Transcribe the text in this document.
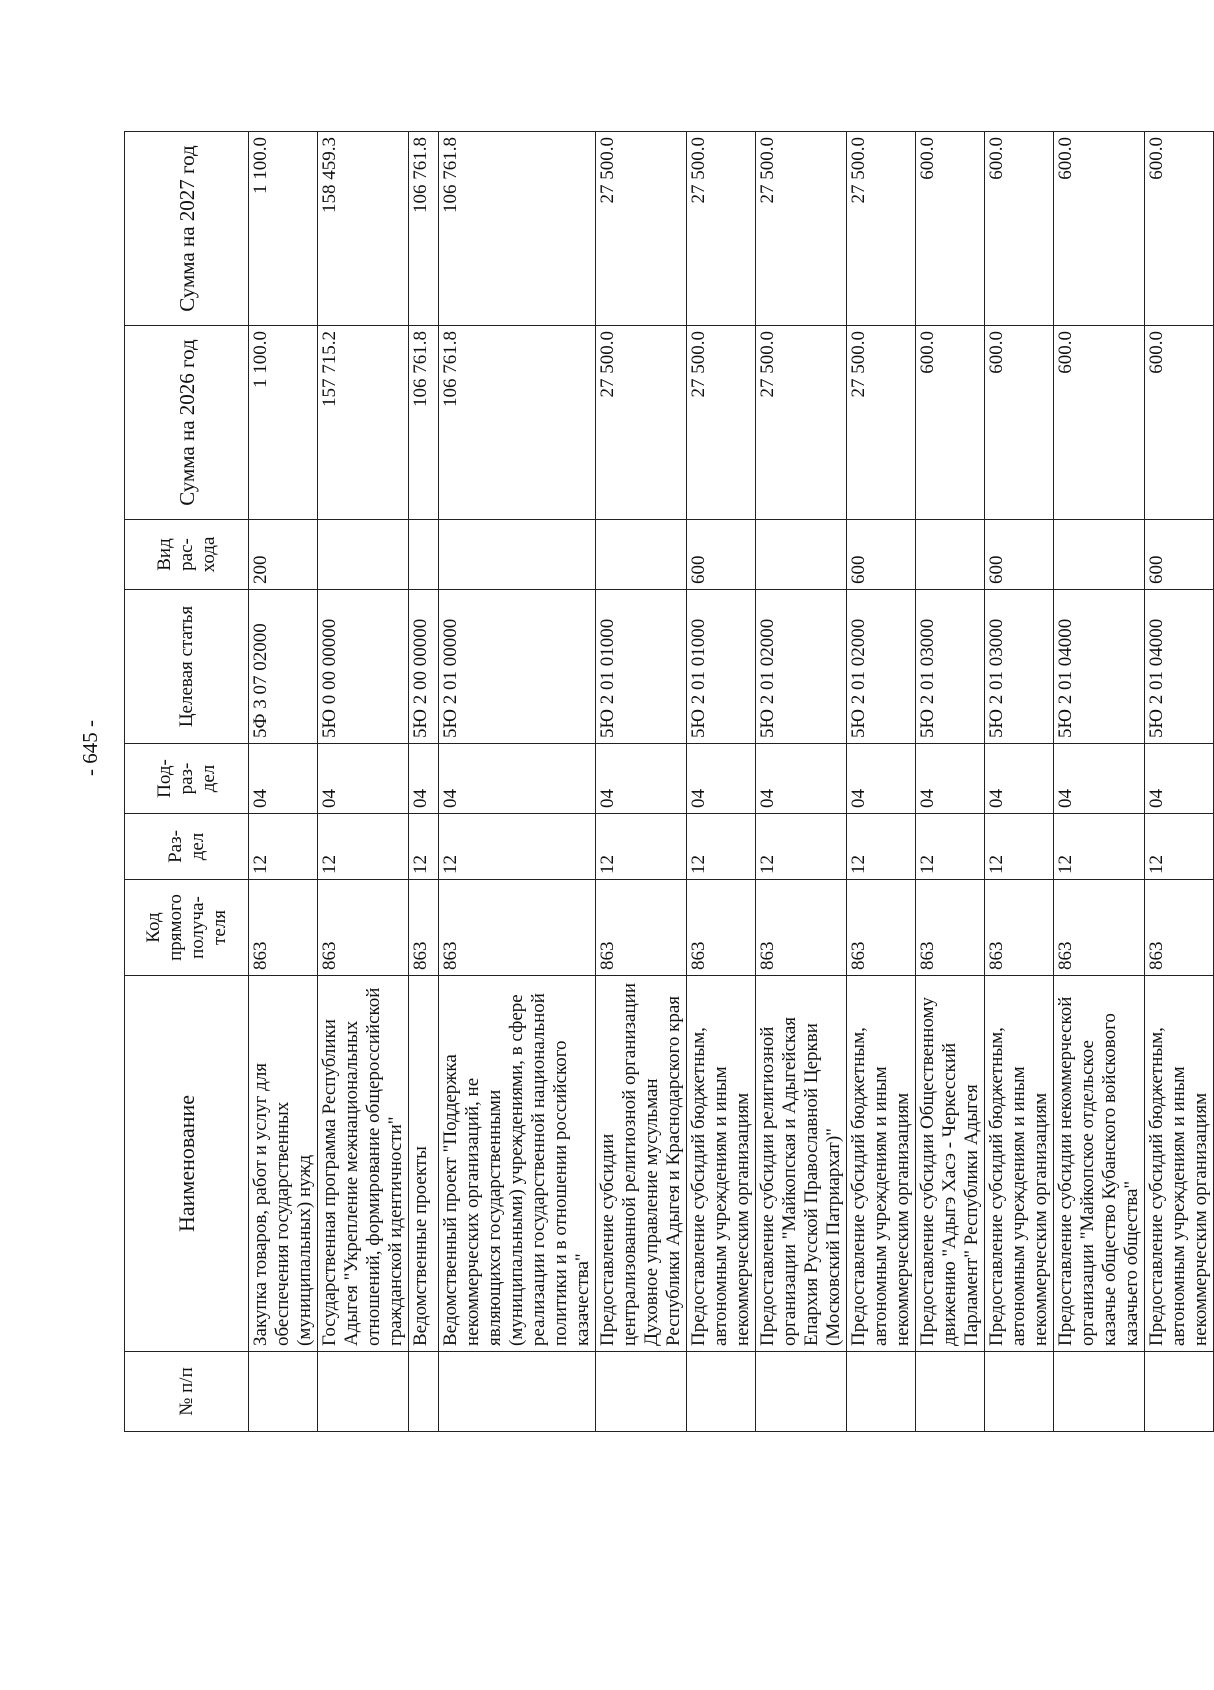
- 645 -
№ п/п	Наименование	Код прямого получа-теля	Раз-дел	Под-раз-дел	Целевая статья	Вид рас-хода	Сумма на 2026 год	Сумма на 2027 год
	Закупка товаров, работ и услуг для обеспечения государственных (муниципальных) нужд	863	12	04	5Ф 3 07 02000	200	1 100.0	1 100.0
	Государственная программа Республики Адыгея "Укрепление межнациональных отношений, формирование общероссийской гражданской идентичности"	863	12	04	5Ю 0 00 00000		157 715.2	158 459.3
	Ведомственные проекты	863	12	04	5Ю 2 00 00000		106 761.8	106 761.8
	Ведомственный проект "Поддержка некоммерческих организаций, не являющихся государственными (муниципальными) учреждениями, в сфере реализации государственной национальной политики и в отношении российского казачества"	863	12	04	5Ю 2 01 00000		106 761.8	106 761.8
	Предоставление субсидии централизованной религиозной организации Духовное управление мусульман Республики Адыгея и Краснодарского края	863	12	04	5Ю 2 01 01000		27 500.0	27 500.0
	Предоставление субсидий бюджетным, автономным учреждениям и иным некоммерческим организациям	863	12	04	5Ю 2 01 01000	600	27 500.0	27 500.0
	Предоставление субсидии религиозной организации "Майкопская и Адыгейская Епархия Русской Православной Церкви (Московский Патриархат)"	863	12	04	5Ю 2 01 02000		27 500.0	27 500.0
	Предоставление субсидий бюджетным, автономным учреждениям и иным некоммерческим организациям	863	12	04	5Ю 2 01 02000	600	27 500.0	27 500.0
	Предоставление субсидии Общественному движению "Адыгэ Хасэ - Черкесский Парламент" Республики Адыгея	863	12	04	5Ю 2 01 03000		600.0	600.0
	Предоставление субсидий бюджетным, автономным учреждениям и иным некоммерческим организациям	863	12	04	5Ю 2 01 03000	600	600.0	600.0
	Предоставление субсидии некоммерческой организации "Майкопское отдельское казачье общество Кубанского войскового казачьего общества"	863	12	04	5Ю 2 01 04000		600.0	600.0
	Предоставление субсидий бюджетным, автономным учреждениям и иным некоммерческим организациям	863	12	04	5Ю 2 01 04000	600	600.0	600.0
